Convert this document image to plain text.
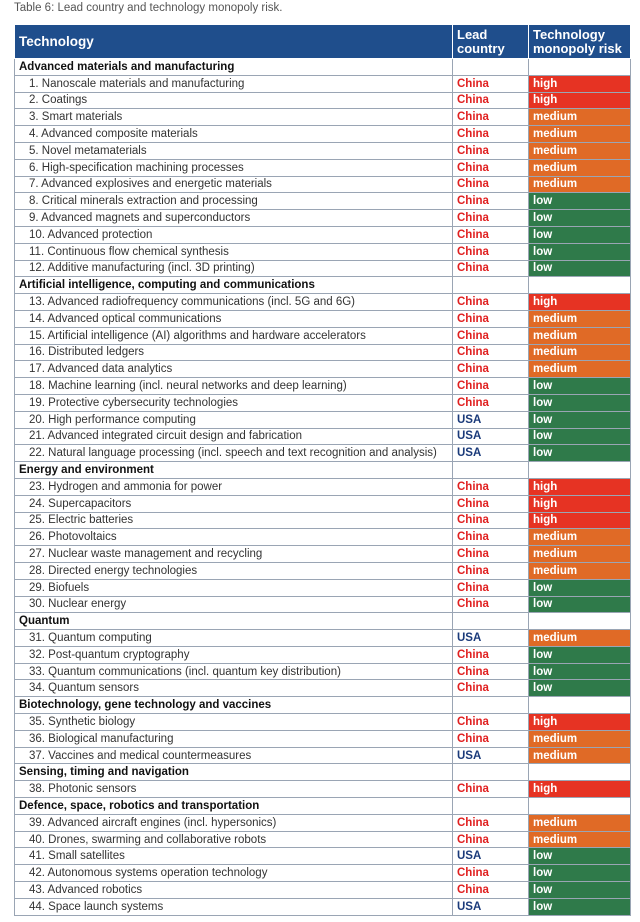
Table 6: Lead country and technology monopoly risk.
Technology	Lead country	Technology monopoly risk
Advanced materials and manufacturing		
1. Nanoscale materials and manufacturing	China	high
2. Coatings	China	high
3. Smart materials	China	medium
4. Advanced composite materials	China	medium
5. Novel metamaterials	China	medium
6. High-specification machining processes	China	medium
7. Advanced explosives and energetic materials	China	medium
8. Critical minerals extraction and processing	China	low
9. Advanced magnets and superconductors	China	low
10. Advanced protection	China	low
11. Continuous flow chemical synthesis	China	low
12. Additive manufacturing (incl. 3D printing)	China	low
Artificial intelligence, computing and communications		
13. Advanced radiofrequency communications (incl. 5G and 6G)	China	high
14. Advanced optical communications	China	medium
15. Artificial intelligence (AI) algorithms and hardware accelerators	China	medium
16. Distributed ledgers	China	medium
17. Advanced data analytics	China	medium
18. Machine learning (incl. neural networks and deep learning)	China	low
19. Protective cybersecurity technologies	China	low
20. High performance computing	USA	low
21. Advanced integrated circuit design and fabrication	USA	low
22. Natural language processing (incl. speech and text recognition and analysis)	USA	low
Energy and environment		
23. Hydrogen and ammonia for power	China	high
24. Supercapacitors	China	high
25. Electric batteries	China	high
26. Photovoltaics	China	medium
27. Nuclear waste management and recycling	China	medium
28. Directed energy technologies	China	medium
29. Biofuels	China	low
30. Nuclear energy	China	low
Quantum		
31. Quantum computing	USA	medium
32. Post-quantum cryptography	China	low
33. Quantum communications (incl. quantum key distribution)	China	low
34. Quantum sensors	China	low
Biotechnology, gene technology and vaccines		
35. Synthetic biology	China	high
36. Biological manufacturing	China	medium
37. Vaccines and medical countermeasures	USA	medium
Sensing, timing and navigation		
38. Photonic sensors	China	high
Defence, space, robotics and transportation		
39. Advanced aircraft engines (incl. hypersonics)	China	medium
40. Drones, swarming and collaborative robots	China	medium
41. Small satellites	USA	low
42. Autonomous systems operation technology	China	low
43. Advanced robotics	China	low
44. Space launch systems	USA	low
